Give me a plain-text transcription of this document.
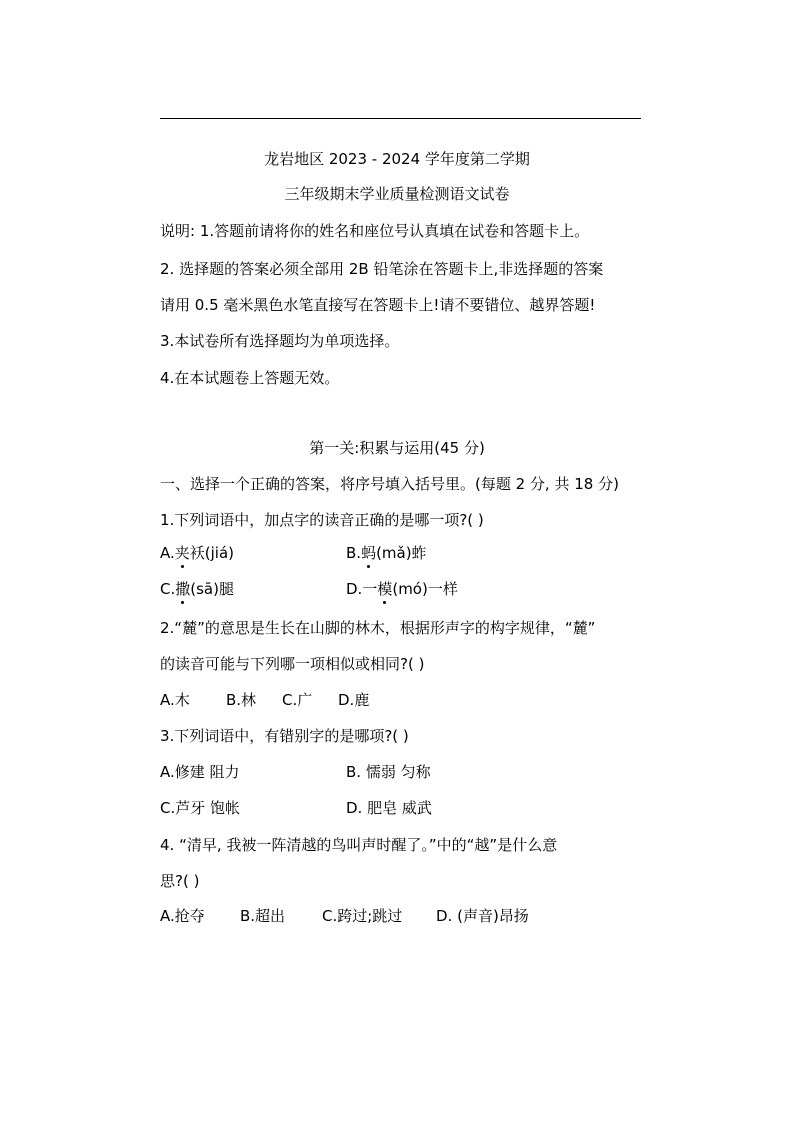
龙岩地区 2023 - 2024 学年度第二学期
三年级期末学业质量检测语文试卷
说明: 1.答题前请将你的姓名和座位号认真填在试卷和答题卡上。
2. 选择题的答案必须全部用 2B 铅笔涂在答题卡上,非选择题的答案
请用 0.5 毫米黑色水笔直接写在答题卡上!请不要错位、越界答题!
3.本试卷所有选择题均为单项选择。
4.在本试题卷上答题无效。
第一关:积累与运用(45 分)
一、选择一个正确的答案，将序号填入括号里。(每题 2 分, 共 18 分)
1.下列词语中，加点字的读音正确的是哪一项?( )
A.夹袄(jiá)	B.蚂(mǎ)蚱
C.撒(sā)腿	D.一模(mó)一样
2.“麓”的意思是生长在山脚的林木，根据形声字的构字规律，“麓”
的读音可能与下列哪一项相似或相同?( )
A.木 B.林 C.广 D.鹿
3.下列词语中，有错别字的是哪项?( )
A.修建 阻力	B. 懦弱 匀称
C.芦牙 饱帐	D. 肥皂 威武
4. “清早, 我被一阵清越的鸟叫声时醒了。”中的“越”是什么意
思?( )
A.抢夺 B.超出 C.跨过;跳过 D. (声音)昂扬
